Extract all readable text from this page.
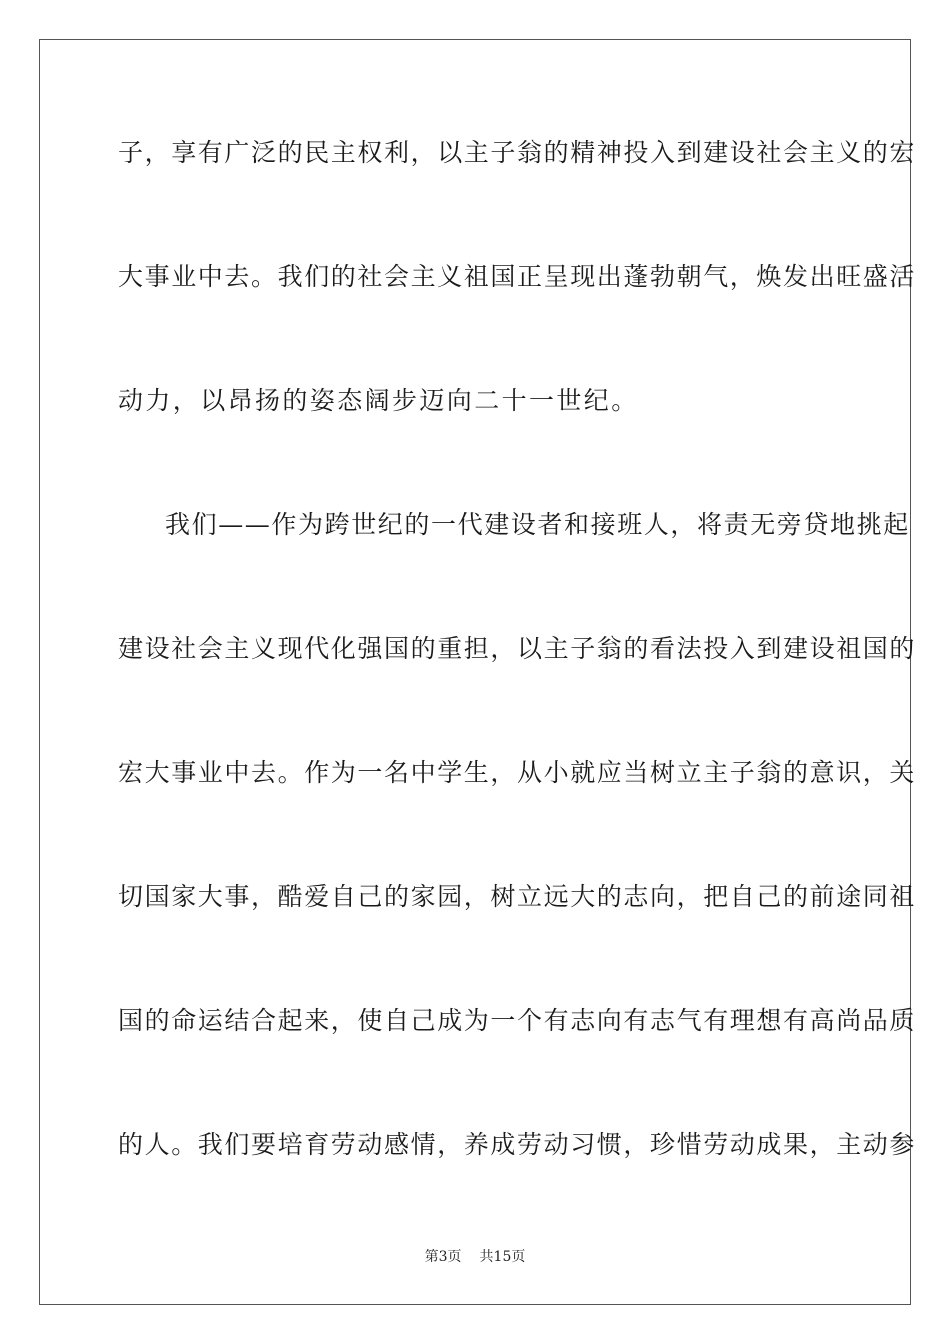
子，享有广泛的民主权利，以主子翁的精神投入到建设社会主义的宏
大事业中去。我们的社会主义祖国正呈现出蓬勃朝气，焕发出旺盛活
动力，以昂扬的姿态阔步迈向二十一世纪。
我们——作为跨世纪的一代建设者和接班人，将责无旁贷地挑起
建设社会主义现代化强国的重担，以主子翁的看法投入到建设祖国的
宏大事业中去。作为一名中学生，从小就应当树立主子翁的意识，关
切国家大事，酷爱自己的家园，树立远大的志向，把自己的前途同祖
国的命运结合起来，使自己成为一个有志向有志气有理想有高尚品质
的人。我们要培育劳动感情，养成劳动习惯，珍惜劳动成果，主动参
第3页 共15页
